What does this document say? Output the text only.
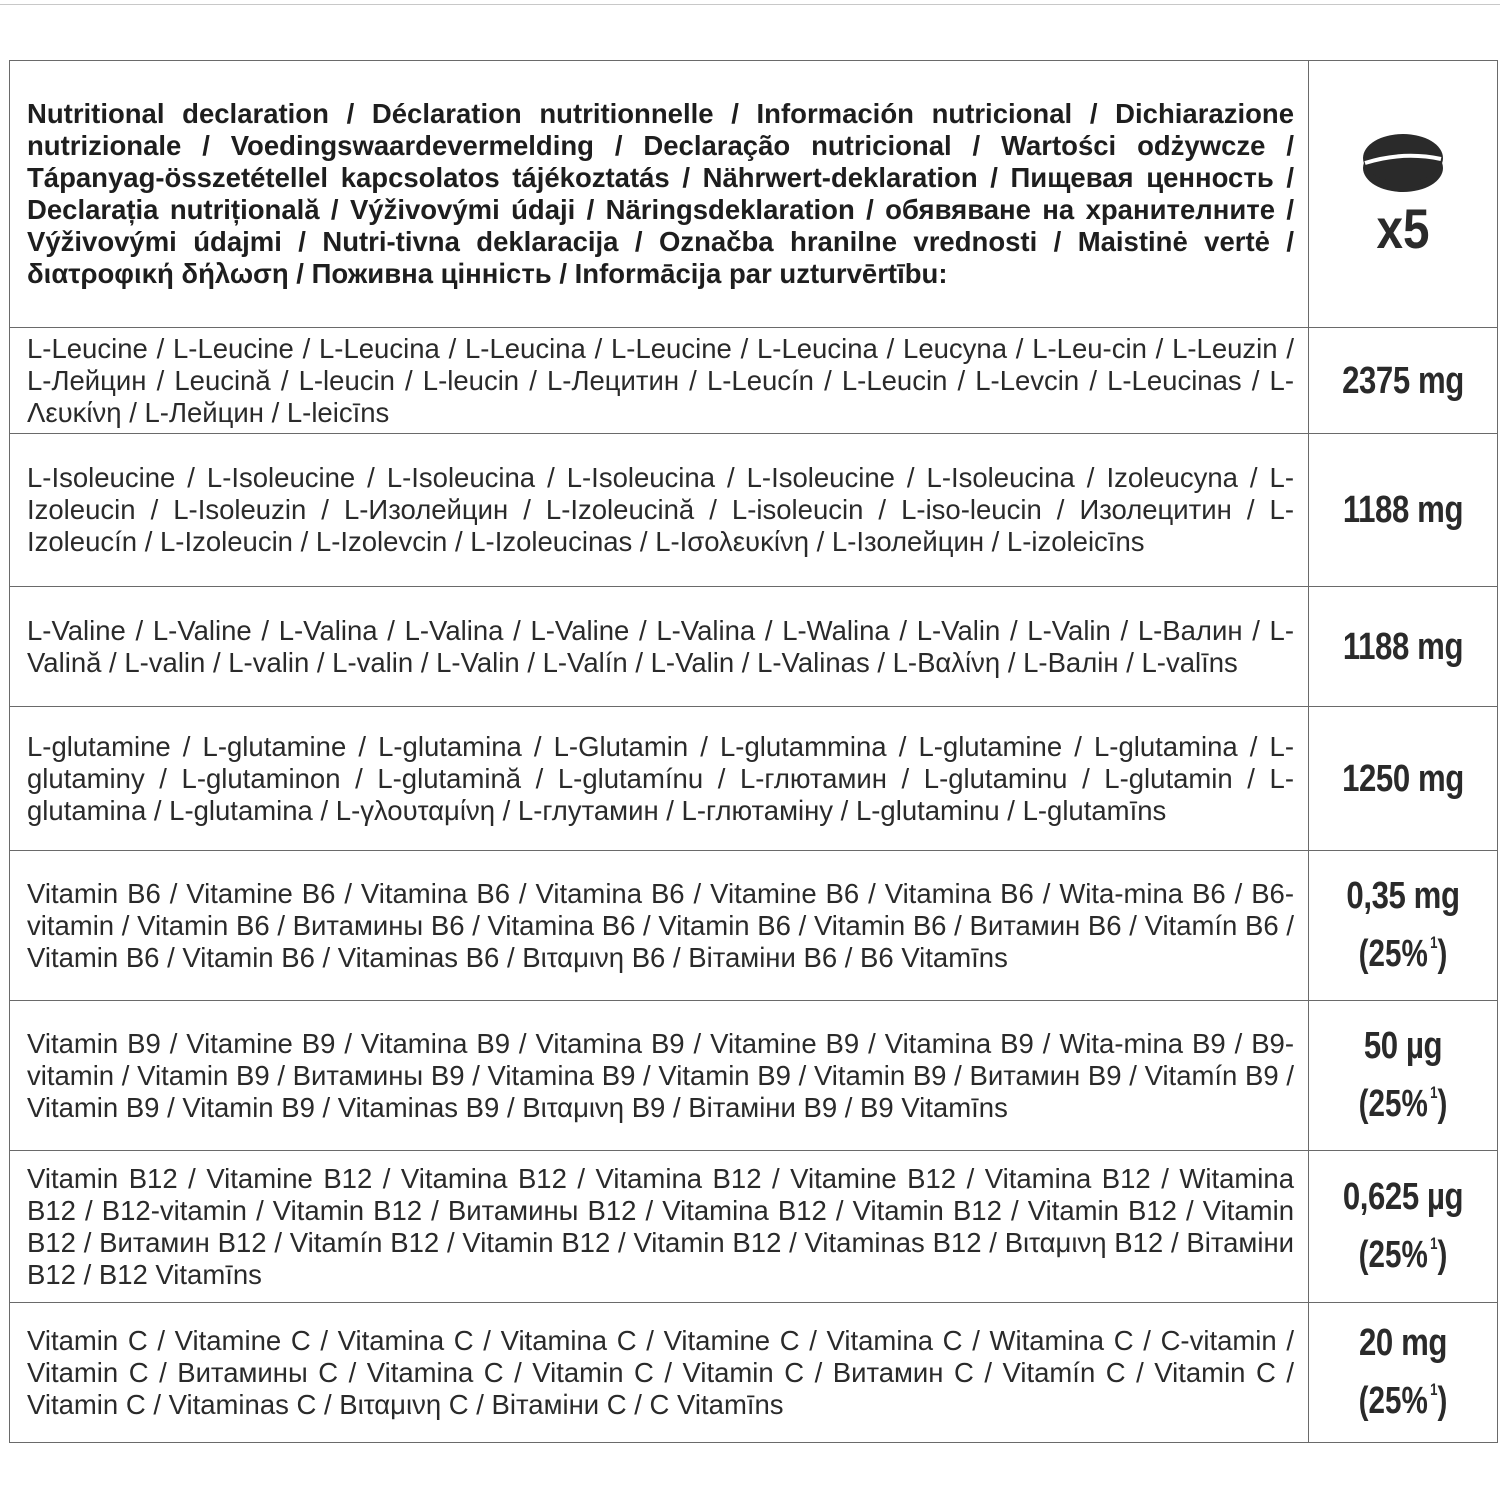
Nutritional declaration / Déclaration nutritionnelle / Información nutricional / Dichiarazione nutrizionale / Voedingswaardevermelding / Declaração nutricional / Wartości odżywcze / Tápanyag-összetétellel kapcsolatos tájékoztatás / Nährwert-deklaration / Пищевая ценность / Declarația nutrițională / Výživovými údaji / Näringsdeklaration / обявяване на хранителните / Výživovými údajmi / Nutri-tivna deklaracija / Označba hranilne vrednosti / Maistinė vertė / διατροφική δήλωση / Поживна цінність / Informācija par uzturvērtību:	x5

L-Leucine / L-Leucine / L-Leucina / L-Leucina / L-Leucine / L-Leucina / Leucyna / L-Leu-cin / L-Leuzin / L-Лейцин / Leucină / L-leucin / L-leucin / L-Лецитин / L-Leucín / L-Leucin / L-Levcin / L-Leucinas / L-Λευκίνη / L-Лейцин / L-leicīns	2375 mg

L-Isoleucine / L-Isoleucine / L-Isoleucina / L-Isoleucina / L-Isoleucine / L-Isoleucina / Izoleucyna / L-Izoleucin / L-Isoleuzin / L-Изолейцин / L-Izoleucină / L-isoleucin / L-iso-leucin / Изолецитин / L- Izoleucín / L-Izoleucin / L-Izolevcin / L-Izoleucinas / L-Ισολευκίνη / L-Ізолейцин / L-izoleicīns	1188 mg

L-Valine / L-Valine / L-Valina / L-Valina / L-Valine / L-Valina / L-Walina / L-Valin / L-Valin / L-Валин / L-Valină / L-valin / L-valin / L-valin / L-Valin / L-Valín / L-Valin / L-Valinas / L-Βαλίνη / L-Валін / L-valīns	1188 mg

L-glutamine / L-glutamine / L-glutamina / L-Glutamin / L-glutammina / L-glutamine / L-glutamina / L-glutaminy / L-glutaminon / L-glutamină / L-glutamínu / L-глютамин / L-glutaminu / L-glutamin / L-glutamina / L-glutamina / L-γλουταμίνη / L-глутамин / L-глютаміну / L-glutaminu / L-glutamīns	1250 mg

Vitamin B6 / Vitamine B6 / Vitamina B6 / Vitamina B6 / Vitamine B6 / Vitamina B6 / Wita-mina B6 / B6-vitamin / Vitamin B6 / Витамины B6 / Vitamina B6 / Vitamin B6 / Vitamin B6 / Витамин B6 / Vitamín B6 / Vitamin B6 / Vitamin B6 / Vitaminas B6 / Βιταμινη B6 / Вітаміни B6 / B6 Vitamīns	0,35 mg
(25% $^1$)

Vitamin B9 / Vitamine B9 / Vitamina B9 / Vitamina B9 / Vitamine B9 / Vitamina B9 / Wita-mina B9 / B9-vitamin / Vitamin B9 / Витамины B9 / Vitamina B9 / Vitamin B9 / Vitamin B9 / Витамин B9 / Vitamín B9 / Vitamin B9 / Vitamin B9 / Vitaminas B9 / Βιταμινη B9 / Вітаміни B9 / B9 Vitamīns	50 µg
(25% $^1$)

Vitamin B12 / Vitamine B12 / Vitamina B12 / Vitamina B12 / Vitamine B12 / Vitamina B12 / Witamina B12 / B12-vitamin / Vitamin B12 / Витамины B12 / Vitamina B12 / Vitamin B12 / Vitamin B12 / Vitamin B12 / Витамин B12 / Vitamín B12 / Vitamin B12 / Vitamin B12 / Vitaminas B12 / Βιταμινη B12 / Вітаміни B12 / B12 Vitamīns	0,625 µg
(25% $^1$)

Vitamin C / Vitamine C / Vitamina C / Vitamina C / Vitamine C / Vitamina C / Witamina C / C-vitamin / Vitamin C / Витамины C / Vitamina C / Vitamin C / Vitamin C / Витамин C / Vitamín C / Vitamin C / Vitamin C / Vitaminas C / Βιταμινη C / Вітаміни C / C Vitamīns	20 mg
(25% $^1$)
